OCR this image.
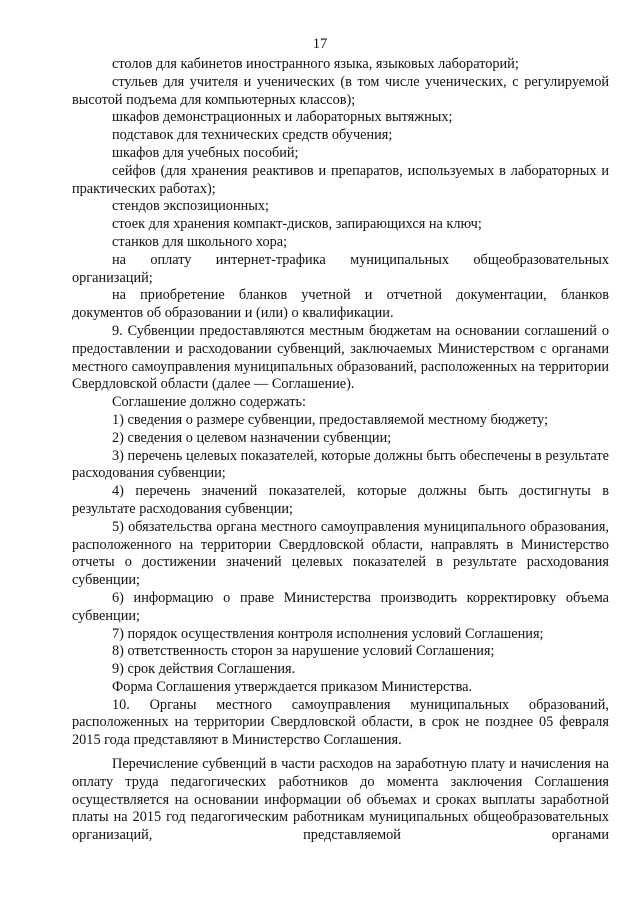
17

столов для кабинетов иностранного языка, языковых лабораторий;

стульев для учителя и ученических (в том числе ученических, с регулируемой высотой подъема для компьютерных классов);

шкафов демонстрационных и лабораторных вытяжных;

подставок для технических средств обучения;

шкафов для учебных пособий;

сейфов (для хранения реактивов и препаратов, используемых в лабораторных и практических работах);

стендов экспозиционных;

стоек для хранения компакт-дисков, запирающихся на ключ;

станков для школьного хора;

на оплату интернет-трафика муниципальных общеобразовательных организаций;

на приобретение бланков учетной и отчетной документации, бланков документов об образовании и (или) о квалификации.

9. Субвенции предоставляются местным бюджетам на основании соглашений о предоставлении и расходовании субвенций, заключаемых Министерством с органами местного самоуправления муниципальных образований, расположенных на территории Свердловской области (далее — Соглашение).

Соглашение должно содержать:

1) сведения о размере субвенции, предоставляемой местному бюджету;

2) сведения о целевом назначении субвенции;

3) перечень целевых показателей, которые должны быть обеспечены в результате расходования субвенции;

4) перечень значений показателей, которые должны быть достигнуты в результате расходования субвенции;

5) обязательства органа местного самоуправления муниципального образования, расположенного на территории Свердловской области, направлять в Министерство отчеты о достижении значений целевых показателей в результате расходования субвенции;

6) информацию о праве Министерства производить корректировку объема субвенции;

7) порядок осуществления контроля исполнения условий Соглашения;

8) ответственность сторон за нарушение условий Соглашения;

9) срок действия Соглашения.

Форма Соглашения утверждается приказом Министерства.

10. Органы местного самоуправления муниципальных образований, расположенных на территории Свердловской области, в срок не позднее 05 февраля 2015 года представляют в Министерство Соглашения.

Перечисление субвенций в части расходов на заработную плату и начисления на оплату труда педагогических работников до момента заключения Соглашения осуществляется на основании информации об объемах и сроках выплаты заработной платы на 2015 год педагогическим работникам муниципальных общеобразовательных организаций, представляемой органами
